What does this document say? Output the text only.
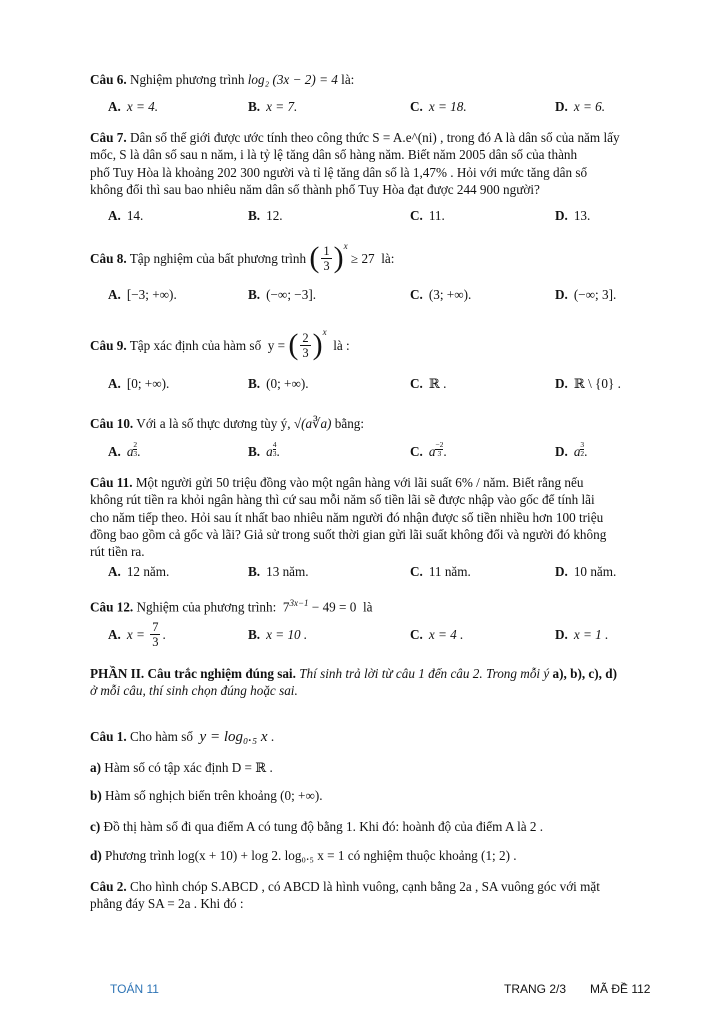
Câu 6. Nghiệm phương trình log₂ (3x − 2) = 4 là:
A. x = 4.	B. x = 7.	C. x = 18.	D. x = 6.
Câu 7. Dân số thế giới được ước tính theo công thức S = A.e^(ni) , trong đó A là dân số của năm lấy
mốc, S là dân số sau n năm, i là tỷ lệ tăng dân số hàng năm. Biết năm 2005 dân số của thành
phố Tuy Hòa là khoảng 202 300 người và tỉ lệ tăng dân số là 1,47% . Hỏi với mức tăng dân số
không đổi thì sau bao nhiêu năm dân số thành phố Tuy Hòa đạt được 244 900 người?
A. 14.	B. 12.	C. 11.	D. 13.
Câu 8. Tập nghiệm của bất phương trình ( $\frac{1}{3} )^x$
≥ 27 là:
A. [−3; +∞).	B. (−∞; −3].	C. (3; +∞).	D. (−∞; 3].
Câu 9. Tập xác định của hàm số  y = ( $\frac{2}{3} )^x$
là :
A. [0; +∞).	B. (0; +∞).	C. ℝ .	D. ℝ \ {0} .
Câu 10. Với a là số thực dương tùy ý, √(a∛a) bằng:
A. a $\frac{2}{3}$ .	B. a $\frac{4}{3}$ .	C. a $\frac{-2}{3}$ .	D. a $\frac{3}{2}$ .
Câu 11. Một người gửi 50 triệu đồng vào một ngân hàng với lãi suất 6% / năm. Biết rằng nếu
không rút tiền ra khỏi ngân hàng thì cứ sau mỗi năm số tiền lãi sẽ được nhập vào gốc để tính lãi
cho năm tiếp theo. Hỏi sau ít nhất bao nhiêu năm người đó nhận được số tiền nhiều hơn 100 triệu
đồng bao gồm cả gốc và lãi? Giả sử trong suốt thời gian gửi lãi suất không đổi và người đó không
rút tiền ra.
A. 12 năm.	B. 13 năm.	C. 11 năm.	D. 10 năm.
Câu 12. Nghiệm của phương trình:  $7^{3x-1} - 49 = 0$  là
A. $x = \frac{7}{3}$ .	B. x = 10 .	C. x = 4 .	D. x = 1 .
PHẦN II. Câu trắc nghiệm đúng sai. Thí sinh trả lời từ câu 1 đến câu 2. Trong mỗi ý a), b), c), d)
ở mỗi câu, thí sinh chọn đúng hoặc sai.
Câu 1. Cho hàm số  y = log₀.₅ x .
a) Hàm số có tập xác định D = ℝ .
b) Hàm số nghịch biến trên khoảng (0; +∞).
c) Đồ thị hàm số đi qua điểm A có tung độ bằng 1. Khi đó: hoành độ của điểm A là 2 .
d) Phương trình log(x + 10) + log 2. log₀.₅ x = 1 có nghiệm thuộc khoảng (1; 2) .
Câu 2. Cho hình chóp S.ABCD , có ABCD là hình vuông, cạnh bằng 2a , SA vuông góc với mặt
phẳng đáy SA = 2a . Khi đó :
TOÁN 11	TRANG 2/3 MÃ ĐỀ 112
